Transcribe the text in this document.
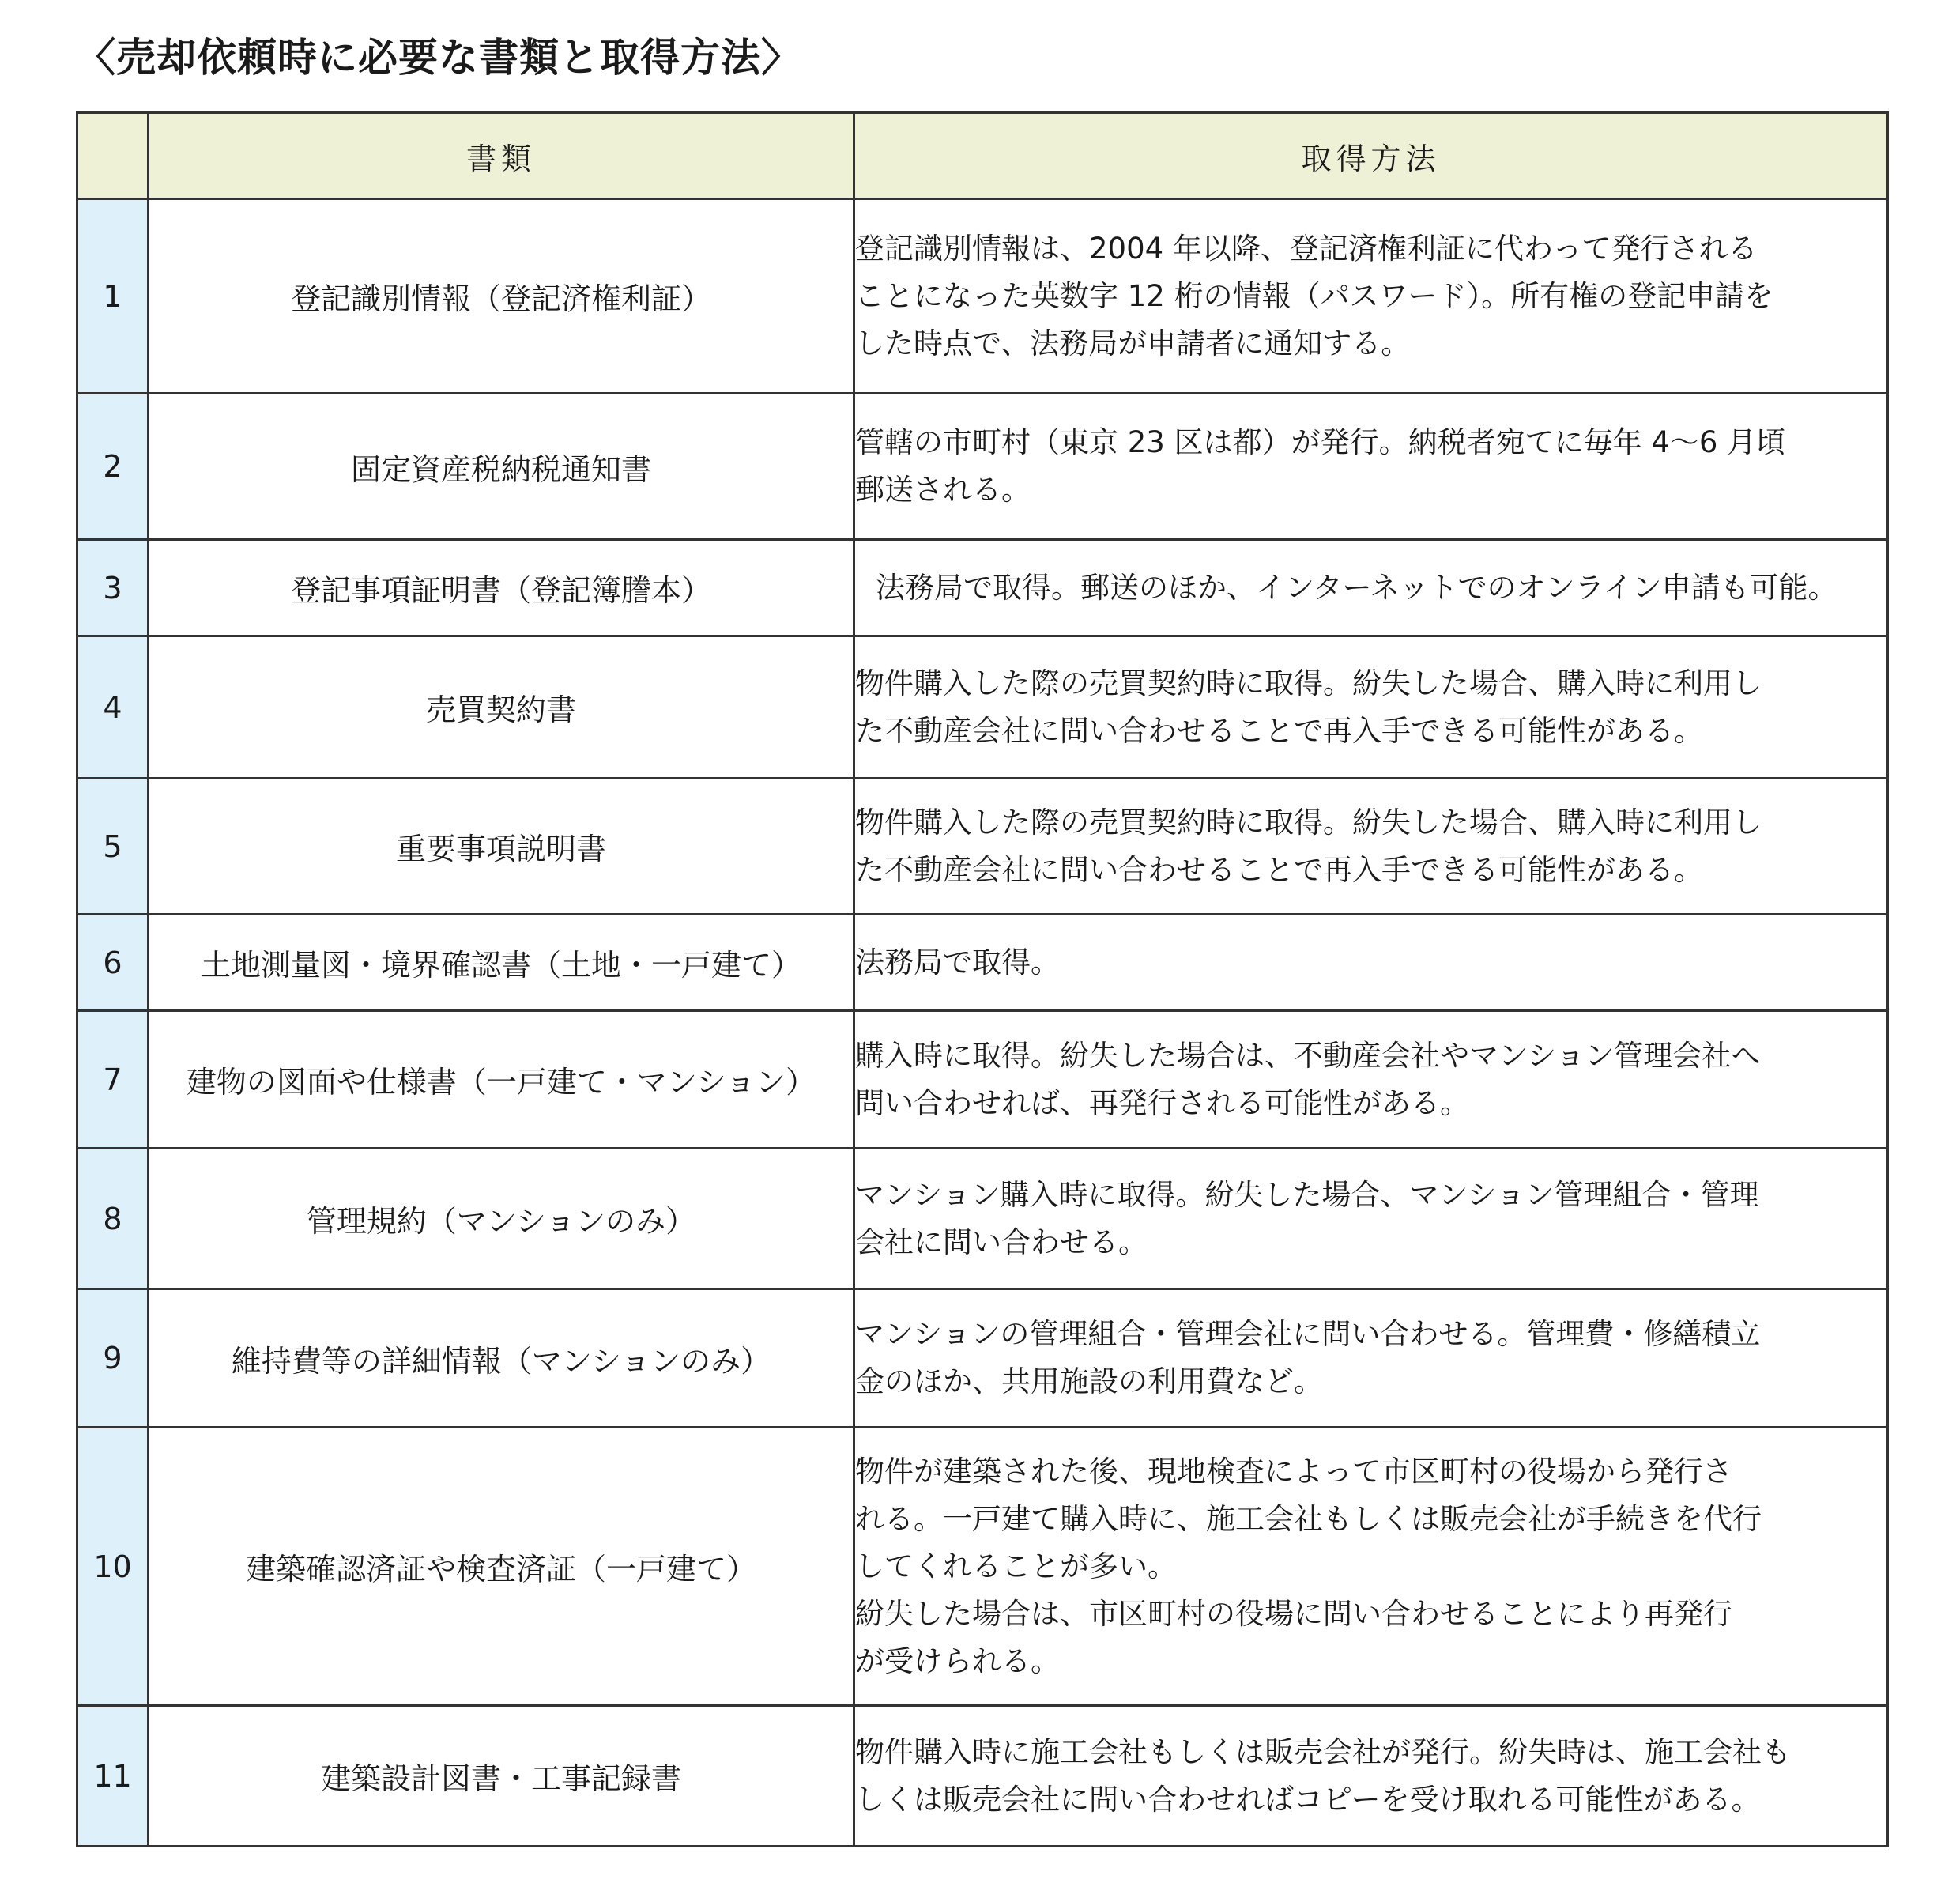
〈売却依頼時に必要な書類と取得方法〉
	書類	取得方法
1	登記識別情報（登記済権利証）	登記識別情報は、2004 年以降、登記済権利証に代わって発行される
ことになった英数字 12 桁の情報（パスワード）。所有権の登記申請を
した時点で、法務局が申請者に通知する。
2	固定資産税納税通知書	管轄の市町村（東京 23 区は都）が発行。納税者宛てに毎年 4～6 月頃
郵送される。
3	登記事項証明書（登記簿謄本）	法務局で取得。郵送のほか、インターネットでのオンライン申請も可能。
4	売買契約書	物件購入した際の売買契約時に取得。紛失した場合、購入時に利用し
た不動産会社に問い合わせることで再入手できる可能性がある。
5	重要事項説明書	物件購入した際の売買契約時に取得。紛失した場合、購入時に利用し
た不動産会社に問い合わせることで再入手できる可能性がある。
6	土地測量図・境界確認書（土地・一戸建て）	法務局で取得。
7	建物の図面や仕様書（一戸建て・マンション）	購入時に取得。紛失した場合は、不動産会社やマンション管理会社へ
問い合わせれば、再発行される可能性がある。
8	管理規約（マンションのみ）	マンション購入時に取得。紛失した場合、マンション管理組合・管理
会社に問い合わせる。
9	維持費等の詳細情報（マンションのみ）	マンションの管理組合・管理会社に問い合わせる。管理費・修繕積立
金のほか、共用施設の利用費など。
10	建築確認済証や検査済証（一戸建て）	物件が建築された後、現地検査によって市区町村の役場から発行さ
れる。一戸建て購入時に、施工会社もしくは販売会社が手続きを代行
してくれることが多い。
紛失した場合は、市区町村の役場に問い合わせることにより再発行
が受けられる。
11	建築設計図書・工事記録書	物件購入時に施工会社もしくは販売会社が発行。紛失時は、施工会社も
しくは販売会社に問い合わせればコピーを受け取れる可能性がある。
